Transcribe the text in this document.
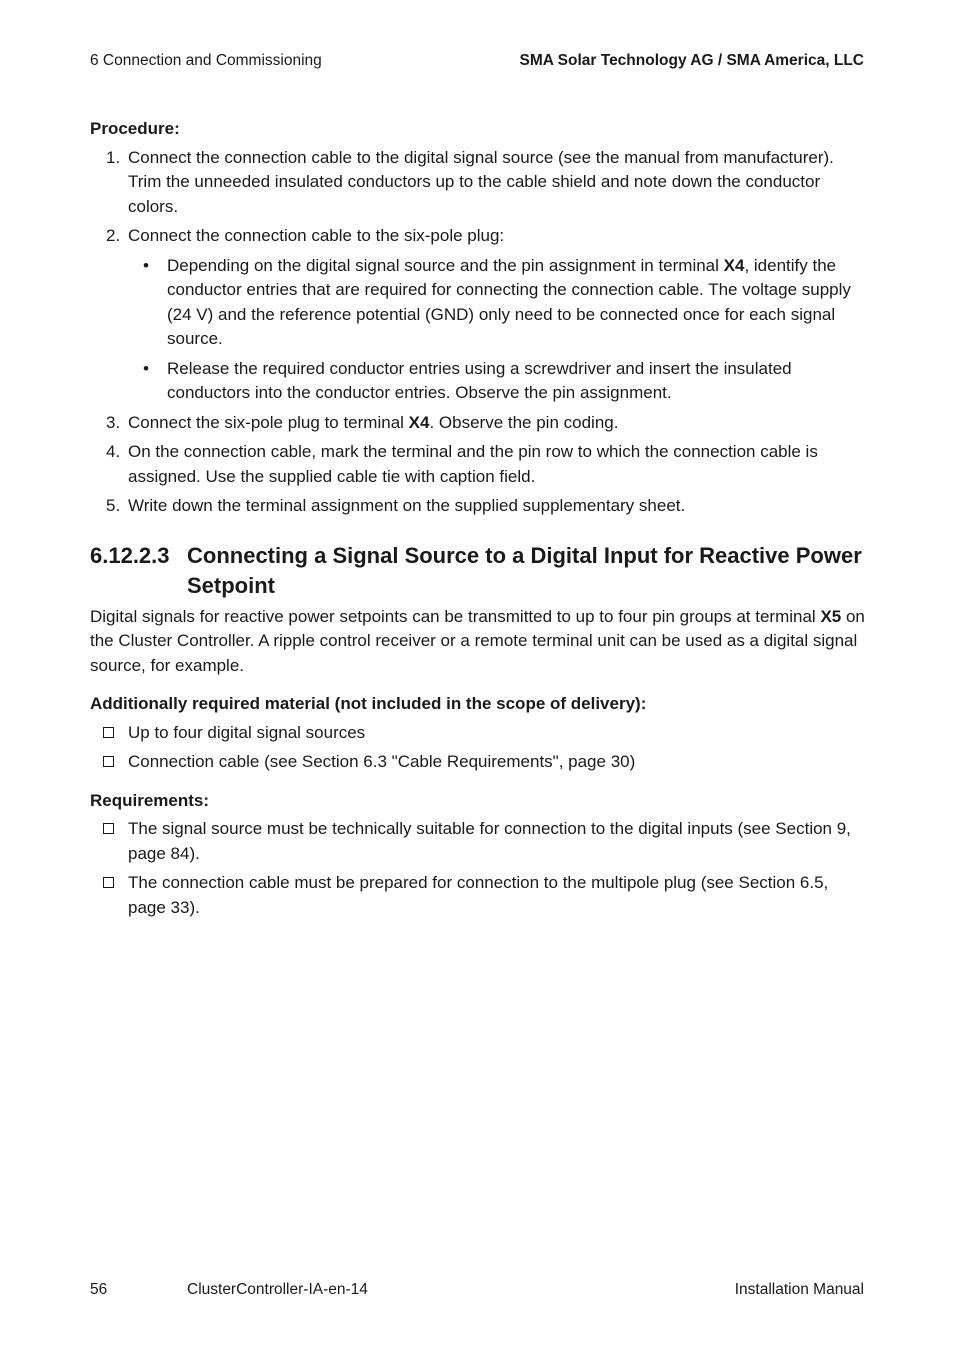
6 Connection and Commissioning	SMA Solar Technology AG / SMA America, LLC
Procedure:
1. Connect the connection cable to the digital signal source (see the manual from manufacturer). Trim the unneeded insulated conductors up to the cable shield and note down the conductor colors.
2. Connect the connection cable to the six-pole plug:
• Depending on the digital signal source and the pin assignment in terminal X4, identify the conductor entries that are required for connecting the connection cable. The voltage supply (24 V) and the reference potential (GND) only need to be connected once for each signal source.
• Release the required conductor entries using a screwdriver and insert the insulated conductors into the conductor entries. Observe the pin assignment.
3. Connect the six-pole plug to terminal X4. Observe the pin coding.
4. On the connection cable, mark the terminal and the pin row to which the connection cable is assigned. Use the supplied cable tie with caption field.
5. Write down the terminal assignment on the supplied supplementary sheet.
6.12.2.3 Connecting a Signal Source to a Digital Input for Reactive Power Setpoint

Digital signals for reactive power setpoints can be transmitted to up to four pin groups at terminal X5 on the Cluster Controller. A ripple control receiver or a remote terminal unit can be used as a digital signal source, for example.

Additionally required material (not included in the scope of delivery):
Up to four digital signal sources
Connection cable (see Section 6.3 "Cable Requirements", page 30)
Requirements:
The signal source must be technically suitable for connection to the digital inputs (see Section 9, page 84).
The connection cable must be prepared for connection to the multipole plug (see Section 6.5, page 33).
56	ClusterController-IA-en-14	Installation Manual
